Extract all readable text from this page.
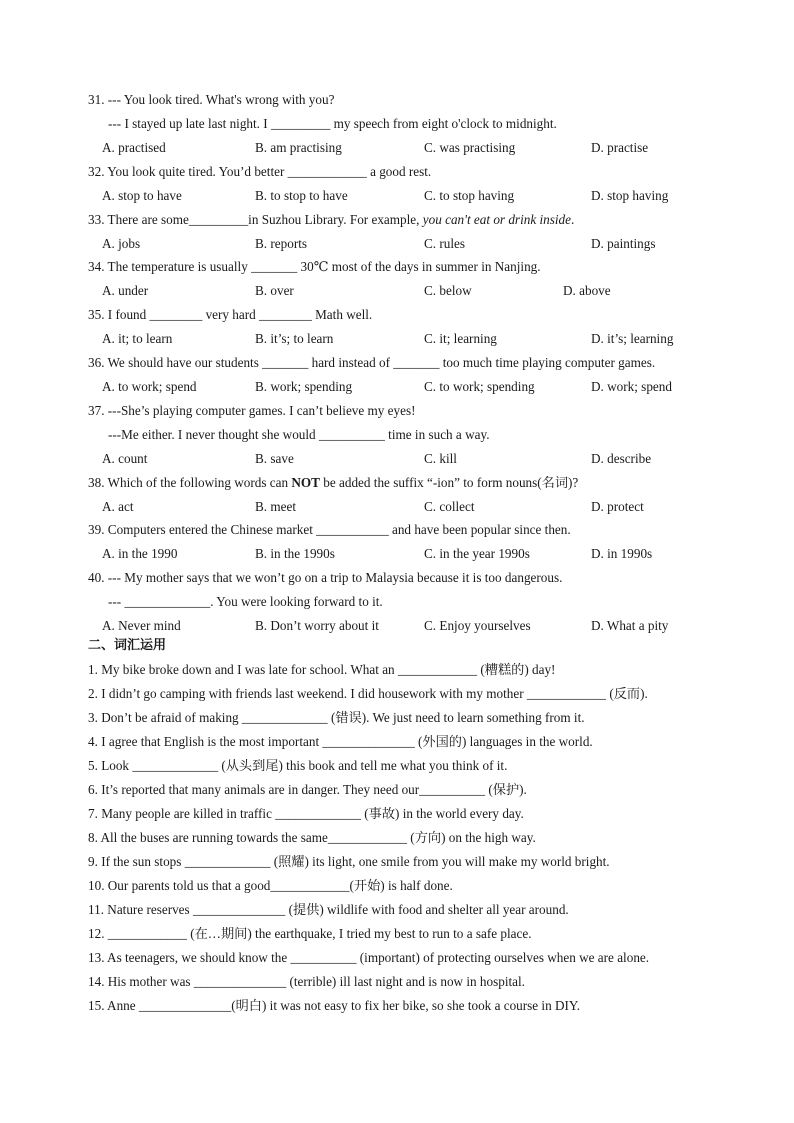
31. --- You look tired. What's wrong with you?
--- I stayed up late last night. I _________ my speech from eight o'clock to midnight.
A. practised	B. am practising	C. was practising	D. practise
32. You look quite tired. You’d better ____________ a good rest.
A. stop to have	B. to stop to have	C. to stop having	D. stop having
33. There are some_________in Suzhou Library. For example, you can't eat or drink inside.
A. jobs	B. reports	C. rules	D. paintings
34. The temperature is usually _______ 30℃ most of the days in summer in Nanjing.
A. under	B. over	C. below	D. above
35. I found ________ very hard ________ Math well.
A. it; to learn	B. it’s; to learn	C. it; learning	D. it’s; learning
36. We should have our students _______ hard instead of _______ too much time playing computer games.
A. to work; spend	B. work; spending	C. to work; spending	D. work; spend
37. ---She’s playing computer games. I can’t believe my eyes!
---Me either. I never thought she would __________ time in such a way.
A. count	B. save	C. kill	D. describe
38. Which of the following words can NOT be added the suffix “-ion” to form nouns(名词)?
A. act	B. meet	C. collect	D. protect
39. Computers entered the Chinese market ___________ and have been popular since then.
A. in the 1990	B. in the 1990s	C. in the year 1990s	D. in 1990s
40. --- My mother says that we won’t go on a trip to Malaysia because it is too dangerous.
--- _____________. You were looking forward to it.
A. Never mind	B. Don’t worry about it	C. Enjoy yourselves	D. What a pity
二、词汇运用
1. My bike broke down and I was late for school. What an ____________ (糟糕的) day!
2. I didn’t go camping with friends last weekend. I did housework with my mother ____________ (反而).
3. Don’t be afraid of making _____________ (错误). We just need to learn something from it.
4. I agree that English is the most important ______________ (外国的) languages in the world.
5. Look _____________ (从头到尾) this book and tell me what you think of it.
6. It’s reported that many animals are in danger. They need our__________ (保护).
7. Many people are killed in traffic _____________ (事故) in the world every day.
8. All the buses are running towards the same____________ (方向) on the high way.
9. If the sun stops _____________ (照耀) its light, one smile from you will make my world bright.
10. Our parents told us that a good____________(开始) is half done.
11. Nature reserves ______________ (提供) wildlife with food and shelter all year around.
12. ____________ (在…期间) the earthquake, I tried my best to run to a safe place.
13. As teenagers, we should know the __________ (important) of protecting ourselves when we are alone.
14. His mother was ______________ (terrible) ill last night and is now in hospital.
15. Anne ______________(明白) it was not easy to fix her bike, so she took a course in DIY.
